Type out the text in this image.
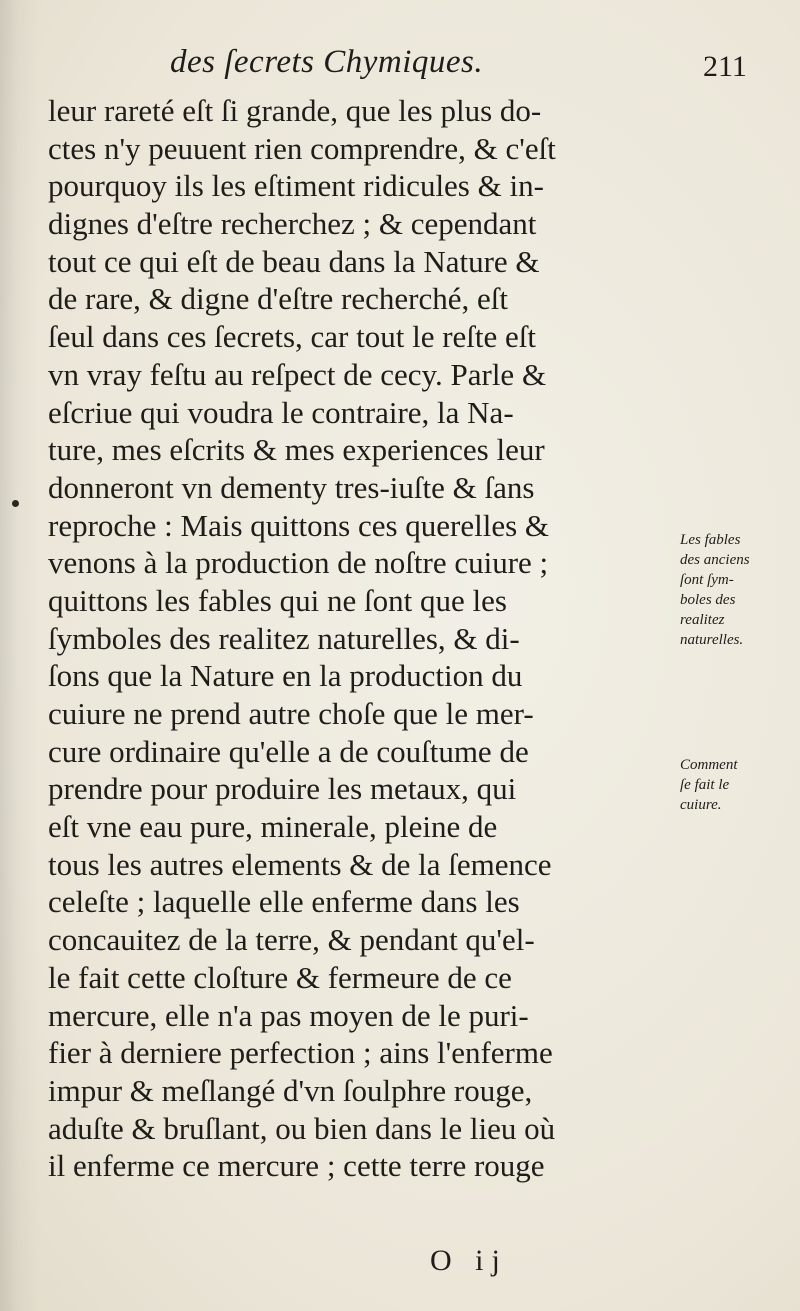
des ſecrets Chymiques.	211
leur rareté eſt ſi grande, que les plus do-
ctes n'y peuuent rien comprendre, & c'eſt
pourquoy ils les eſtiment ridicules & in-
dignes d'eſtre recherchez ; & cependant
tout ce qui eſt de beau dans la Nature &
de rare, & digne d'eſtre recherché, eſt
ſeul dans ces ſecrets, car tout le reſte eſt
vn vray feſtu au reſpect de cecy. Parle &
eſcriue qui voudra le contraire, la Na-
ture, mes eſcrits & mes experiences leur
donneront vn dementy tres-iuſte & ſans
reproche : Mais quittons ces querelles &
venons à la production de noſtre cuiure ;
quittons les fables qui ne ſont que les
ſymboles des realitez naturelles, & di-
ſons que la Nature en la production du
cuiure ne prend autre choſe que le mer-
cure ordinaire qu'elle a de couſtume de
prendre pour produire les metaux, qui
eſt vne eau pure, minerale, pleine de
tous les autres elements & de la ſemence
celeſte ; laquelle elle enferme dans les
concauitez de la terre, & pendant qu'el-
le fait cette cloſture & fermeure de ce
mercure, elle n'a pas moyen de le puri-
fier à derniere perfection ; ains l'enferme
impur & meſlangé d'vn ſoulphre rouge,
aduſte & bruſlant, ou bien dans le lieu où
il enferme ce mercure ; cette terre rouge
Les fables
des anciens
ſont ſym-
boles des
realitez
naturelles.
Comment
ſe fait le
cuiure.
O ij
